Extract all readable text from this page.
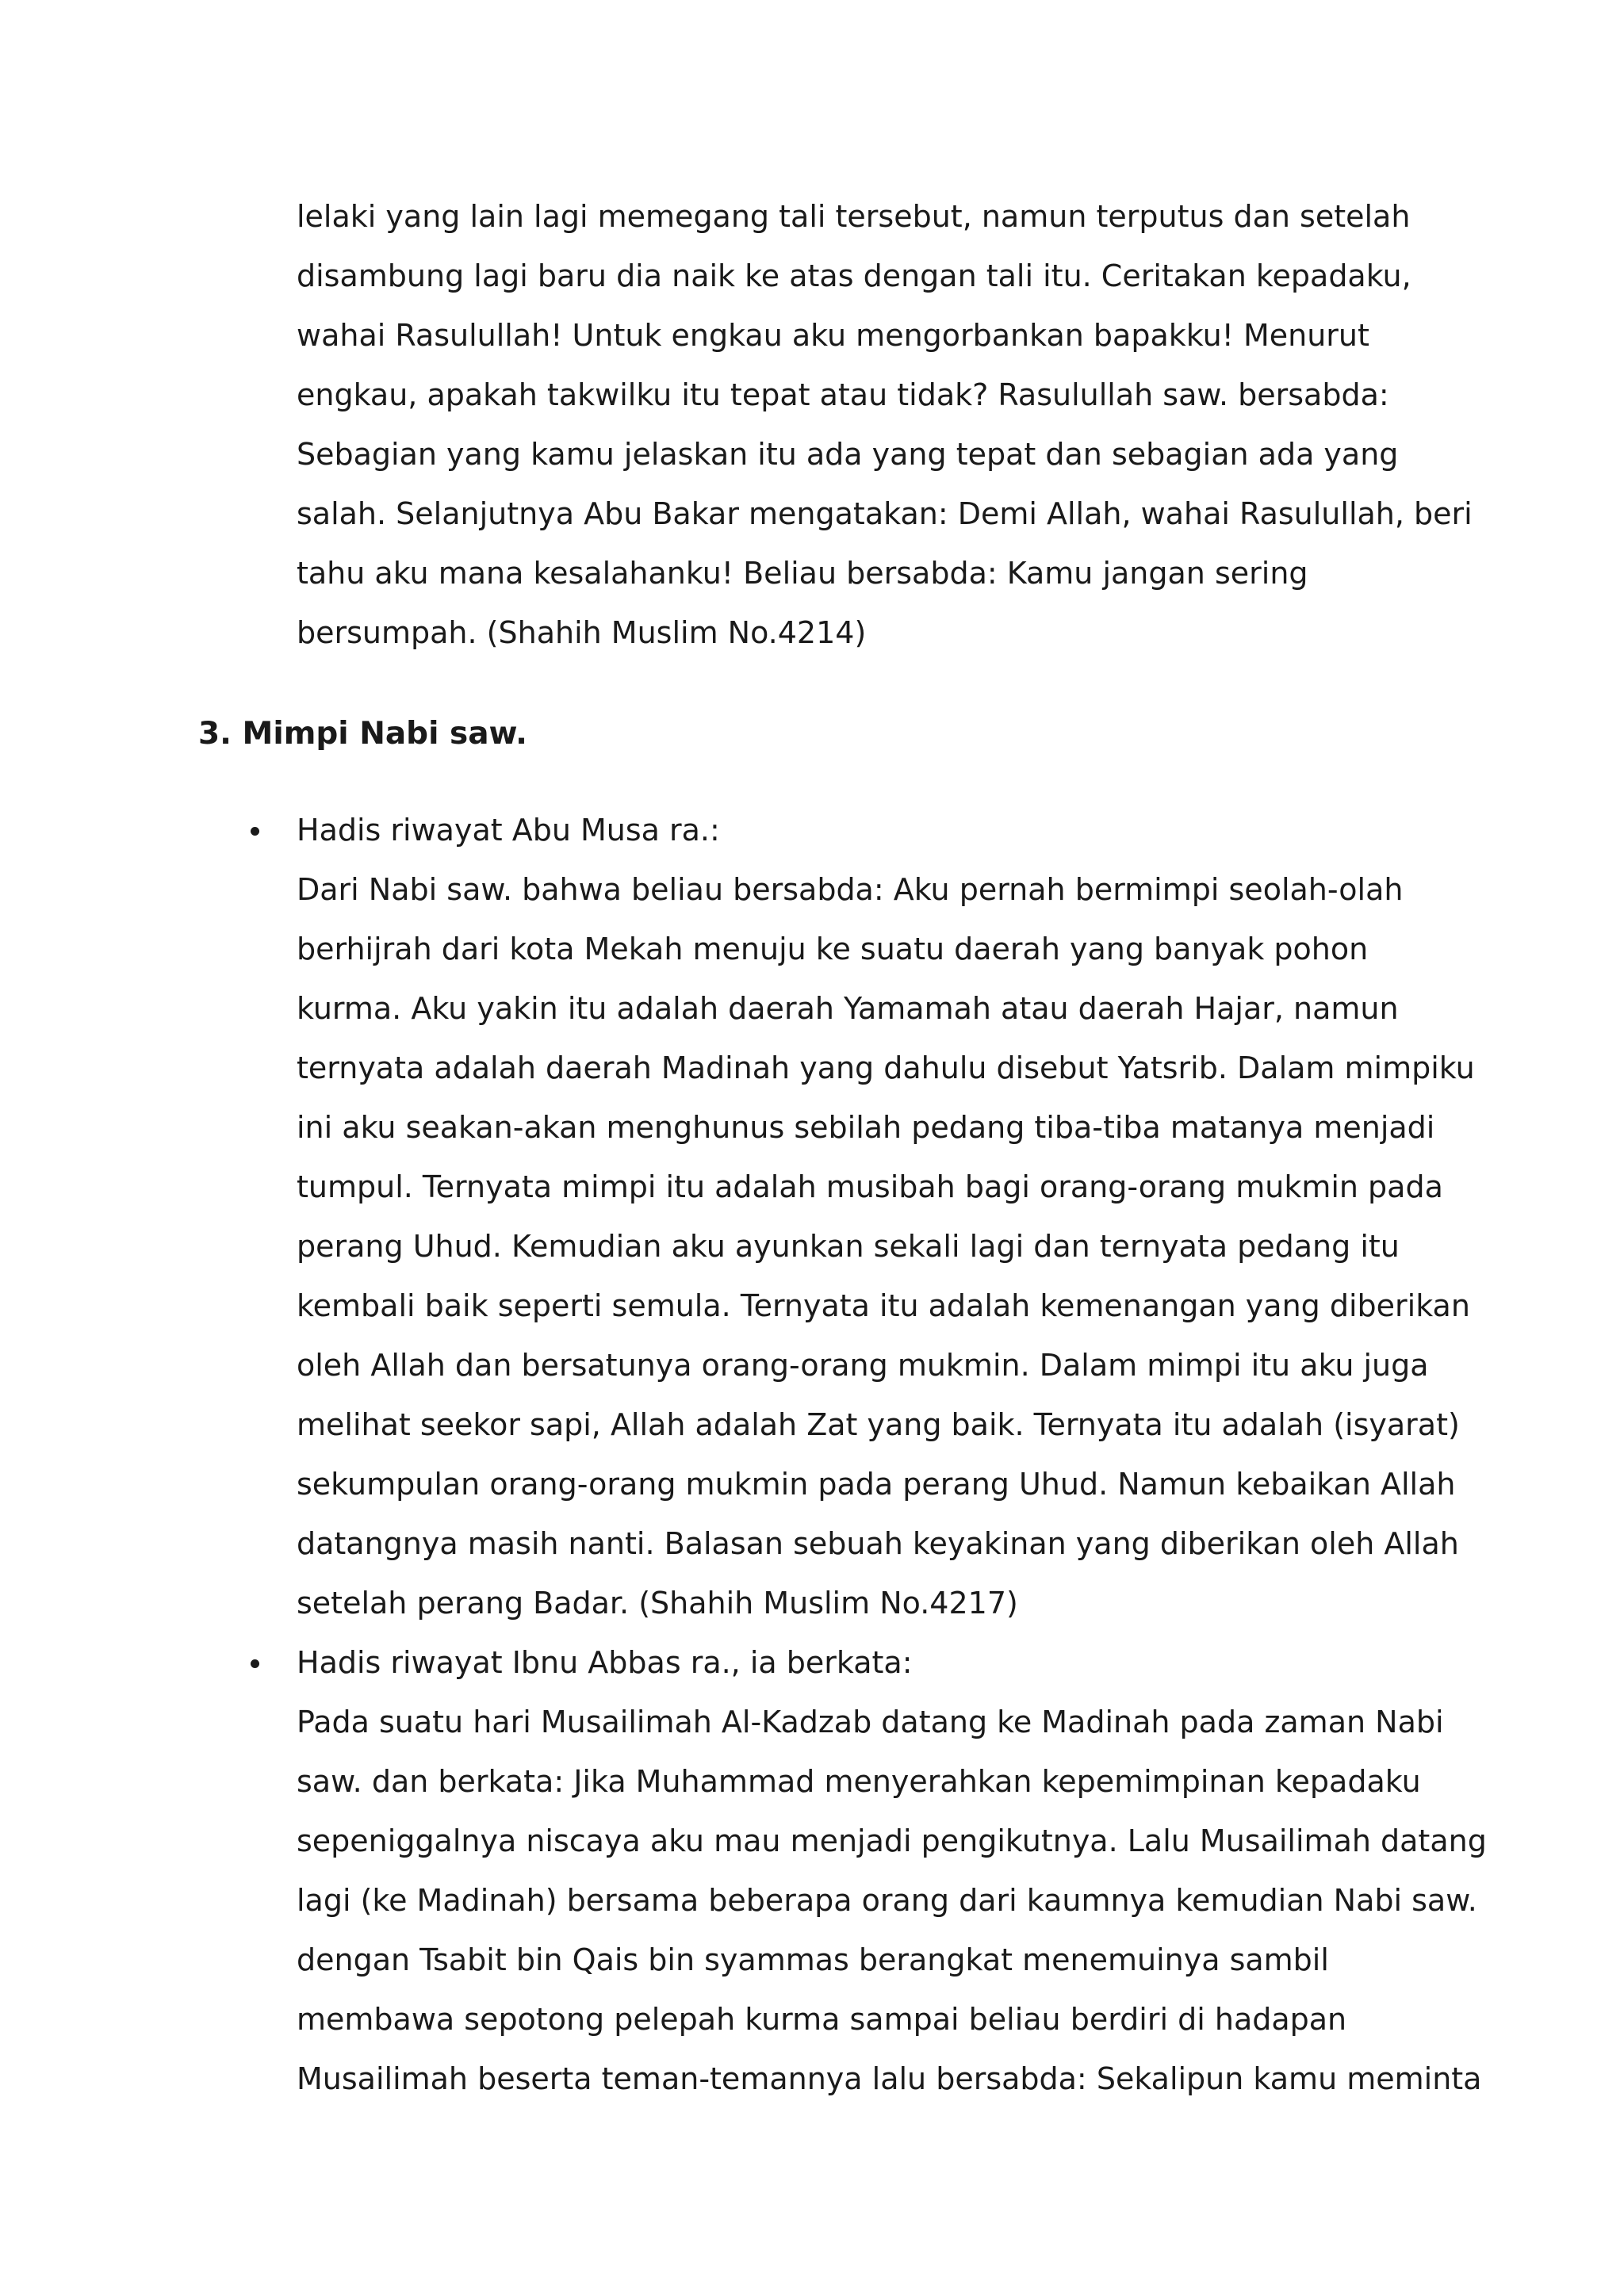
lelaki yang lain lagi memegang tali tersebut, namun terputus dan setelah
disambung lagi baru dia naik ke atas dengan tali itu. Ceritakan kepadaku,
wahai Rasulullah! Untuk engkau aku mengorbankan bapakku! Menurut
engkau, apakah takwilku itu tepat atau tidak? Rasulullah saw. bersabda:
Sebagian yang kamu jelaskan itu ada yang tepat dan sebagian ada yang
salah. Selanjutnya Abu Bakar mengatakan: Demi Allah, wahai Rasulullah, beri
tahu aku mana kesalahanku! Beliau bersabda: Kamu jangan sering
bersumpah. (Shahih Muslim No.4214)
3. Mimpi Nabi saw.
Hadis riwayat Abu Musa ra.:
Dari Nabi saw. bahwa beliau bersabda: Aku pernah bermimpi seolah-olah
berhijrah dari kota Mekah menuju ke suatu daerah yang banyak pohon
kurma. Aku yakin itu adalah daerah Yamamah atau daerah Hajar, namun
ternyata adalah daerah Madinah yang dahulu disebut Yatsrib. Dalam mimpiku
ini aku seakan-akan menghunus sebilah pedang tiba-tiba matanya menjadi
tumpul. Ternyata mimpi itu adalah musibah bagi orang-orang mukmin pada
perang Uhud. Kemudian aku ayunkan sekali lagi dan ternyata pedang itu
kembali baik seperti semula. Ternyata itu adalah kemenangan yang diberikan
oleh Allah dan bersatunya orang-orang mukmin. Dalam mimpi itu aku juga
melihat seekor sapi, Allah adalah Zat yang baik. Ternyata itu adalah (isyarat)
sekumpulan orang-orang mukmin pada perang Uhud. Namun kebaikan Allah
datangnya masih nanti. Balasan sebuah keyakinan yang diberikan oleh Allah
setelah perang Badar. (Shahih Muslim No.4217)
Hadis riwayat Ibnu Abbas ra., ia berkata:
Pada suatu hari Musailimah Al-Kadzab datang ke Madinah pada zaman Nabi
saw. dan berkata: Jika Muhammad menyerahkan kepemimpinan kepadaku
sepeniggalnya niscaya aku mau menjadi pengikutnya. Lalu Musailimah datang
lagi (ke Madinah) bersama beberapa orang dari kaumnya kemudian Nabi saw.
dengan Tsabit bin Qais bin syammas berangkat menemuinya sambil
membawa sepotong pelepah kurma sampai beliau berdiri di hadapan
Musailimah beserta teman-temannya lalu bersabda: Sekalipun kamu meminta
